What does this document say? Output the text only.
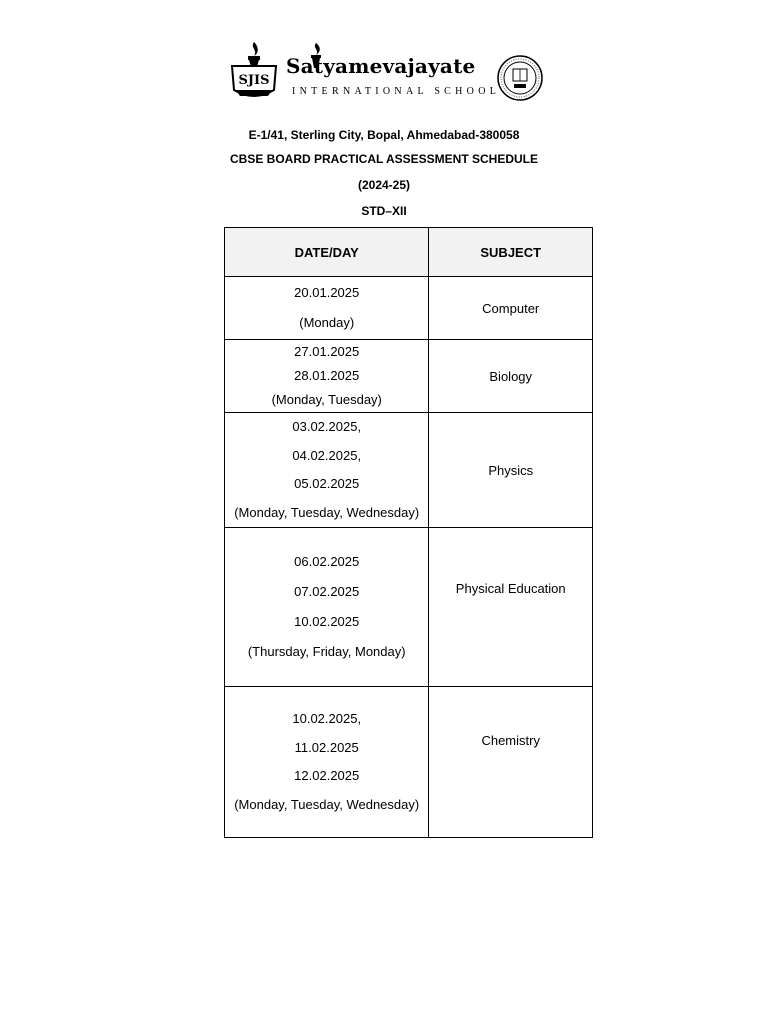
SJIS
Satyamevajayate
INTERNATIONAL SCHOOL
E-1/41, Sterling City, Bopal, Ahmedabad-380058
CBSE BOARD PRACTICAL ASSESSMENT SCHEDULE
(2024-25)
STD–XII
DATE/DAY	SUBJECT

20.01.2025
(Monday)	Computer

27.01.2025
28.01.2025
(Monday, Tuesday)	Biology

03.02.2025,
04.02.2025,
05.02.2025
(Monday, Tuesday, Wednesday)	Physics

06.02.2025
07.02.2025
10.02.2025
(Thursday, Friday, Monday)	Physical Education

10.02.2025,
11.02.2025
12.02.2025
(Monday, Tuesday, Wednesday)	Chemistry
